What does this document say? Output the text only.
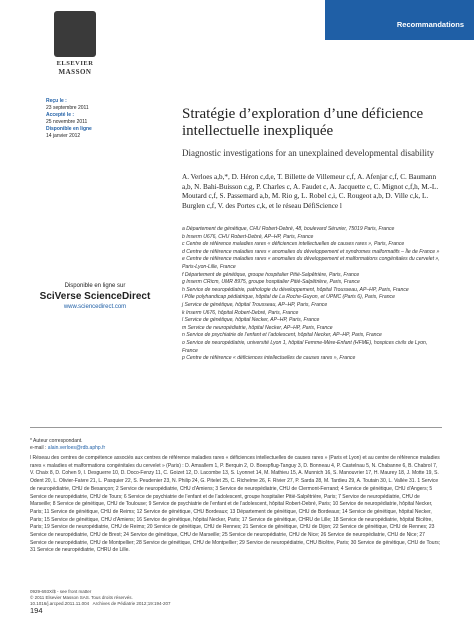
Recommandations
ELSEVIER
MASSON
Reçu le :
23 septembre 2011
Accepté le :
25 novembre 2011
Disponible en ligne
14 janvier 2012
Stratégie d’exploration d’une déficience intellectuelle inexpliquée
Diagnostic investigations for an unexplained developmental disability
A. Verloes a,b,*, D. Héron c,d,e, T. Billette de Villemeur c,f, A. Afenjar c,f, C. Baumann a,b, N. Bahi-Buisson c,g, P. Charles c, A. Faudet c, A. Jacquette c, C. Mignot c,f,h, M.-L. Moutard c,f, S. Passemard a,b, M. Rio g, L. Robel c,i, C. Rougeot a,b, D. Ville c,k, L. Burglen c,f, V. des Portes c,k, et le réseau DéfiScience l
a Département de génétique, CHU Robert-Debré, 48, boulevard Sérurier, 75019 Paris, France
b Inserm U676, CHU Robert-Debré, AP–HP, Paris, France
c Centre de référence maladies rares « déficiences intellectuelles de causes rares », Paris, France
d Centre de référence maladies rares « anomalies du développement et syndromes malformatifs – Île de France »
e Centre de référence maladies rares « anomalies du développement et malformations congénitales du cervelet », Paris-Lyon-Lille, France
f Département de génétique, groupe hospitalier Pitié-Salpêtrière, Paris, France
g Inserm CRicm, UMR 8975, groupe hospitalier Pitié-Salpêtrière, Paris, France
h Service de neuropédiatrie, pathologie du développement, hôpital Trousseau, AP–HP, Paris, France
i Pôle polyhandicap pédiatrique, hôpital de La Roche-Guyon, et UPMC (Paris 6), Paris, France
j Service de génétique, hôpital Trousseau, AP–HP, Paris, France
k Inserm U676, hôpital Robert-Debré, Paris, France
l Service de génétique, hôpital Necker, AP–HP, Paris, France
m Service de neuropédiatrie, hôpital Necker, AP–HP, Paris, France
n Service de psychiatrie de l’enfant et l’adolescent, hôpital Necker, AP–HP, Paris, France
o Service de neuropédiatrie, université Lyon 1, hôpital Femme-Mère-Enfant (HFME), hospices civils de Lyon, France
p Centre de référence « déficiences intellectuelles de causes rares », France
Disponible en ligne sur
SciVerse ScienceDirect
www.sciencedirect.com
* Auteur correspondant.
e-mail : alain.verloes@rdb.aphp.fr
l Réseau des centres de compétence associés aux centres de référence maladies rares « déficiences intellectuelles de causes rares » (Paris et Lyon) et au centre de référence maladies rares « maladies et malformations congénitales du cervelet » (Paris) : D. Amsallem 1, P. Berquin 2, O. Boespflug-Tanguy 3, D. Bonneau 4, P. Castelnau 5, N. Chabanne 6, B. Chabrol 7, V. Chaix 8, D. Cohen 9, I. Desguerre 10, D. Doco-Fenzy 11, C. Goizet 12, D. Lacombe 13, S. Lyonnet 14, M. Mathieu 15, A. Munnich 16, S. Manouvrier 17, H. Maurey 18, J. Motte 19, S. Odent 20, L. Olivier-Faivre 21, L. Pasquier 22, S. Peudenier 23, N. Philip 24, G. Pitelet 25, C. Richelme 26, F. Rivier 27, P. Sarda 28, M. Tardieu 29, A. Toutain 30, L. Vallée 31. 1 Service de neuropédiatrie, CHU de Besançon; 2 Service de neuropédiatrie, CHU d’Amiens; 3 Service de neuropédiatrie, CHU de Clermont-Ferrand; 4 Service de génétique, CHU d’Angers; 5 Service de neuropédiatrie, CHU de Tours; 6 Service de psychiatrie de l’enfant et de l’adolescent, groupe hospitalier Pitié-Salpêtrière, Paris; 7 Service de neuropédiatrie, CHU de Marseille; 8 Service de génétique, CHU de Toulouse; 9 Service de psychiatrie de l’enfant et de l’adolescent, hôpital Robert-Debré, Paris; 10 Service de neuropédiatrie, hôpital Necker, Paris; 11 Service de génétique, CHU de Reims; 12 Service de génétique, CHU Bordeaux; 13 Département de génétique, CHU de Bordeaux; 14 Service de génétique, hôpital Necker, Paris; 15 Service de génétique, CHU d’Amiens; 16 Service de génétique, hôpital Necker, Paris; 17 Service de génétique, CHRU de Lille; 18 Service de neuropédiatrie, hôpital Bicêtre, Paris; 19 Service de neuropédiatrie, CHU de Reims; 20 Service de génétique, CHU de Rennes; 21 Service de génétique, CHU de Dijon; 22 Service de génétique, CHU de Rennes; 23 Service de neuropédiatrie, CHU de Brest; 24 Service de génétique, CHU de Marseille; 25 Service de neuropédiatrie, CHU de Nice; 26 Service de neuropédiatrie, CHU de Nice; 27 Service de neuropédiatrie, CHU de Montpellier; 28 Service de génétique, CHU de Montpellier; 29 Service de neuropédiatrie, CHU Bicêtre, Paris; 30 Service de génétique, CHU de Tours; 31 Service de neuropédiatrie, CHRU de Lille.
0929-693X/$ - see front matter
© 2011 Elsevier Masson SAS. Tous droits réservés.
10.1016/j.arcped.2011.11.004 Archives de Pédiatrie 2012;19:194-207
194
